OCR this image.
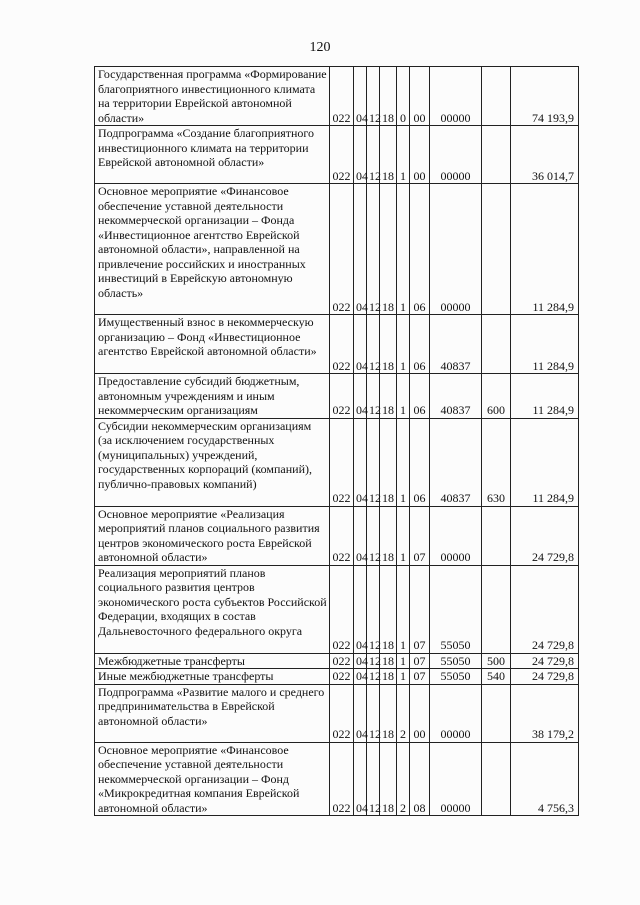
120
Государственная программа «Формирование благоприятного инвестиционного климата на территории Еврейской автономной области»	022	04	12	18	0	00	00000		74 193,9
Подпрограмма «Создание благоприятного инвестиционного климата на территории Еврейской автономной области»	022	04	12	18	1	00	00000		36 014,7
Основное мероприятие «Финансовое обеспечение уставной деятельности некоммерческой организации – Фонда «Инвестиционное агентство Еврейской автономной области», направленной на привлечение российских и иностранных инвестиций в Еврейскую автономную область»	022	04	12	18	1	06	00000		11 284,9
Имущественный взнос в некоммерческую организацию – Фонд «Инвестиционное агентство Еврейской автономной области»	022	04	12	18	1	06	40837		11 284,9
Предоставление субсидий бюджетным, автономным учреждениям и иным некоммерческим организациям	022	04	12	18	1	06	40837	600	11 284,9
Субсидии некоммерческим организациям (за исключением государственных (муниципальных) учреждений, государственных корпораций (компаний), публично-правовых компаний)	022	04	12	18	1	06	40837	630	11 284,9
Основное мероприятие «Реализация мероприятий планов социального развития центров экономического роста Еврейской автономной области»	022	04	12	18	1	07	00000		24 729,8
Реализация мероприятий планов социального развития центров экономического роста субъектов Российской Федерации, входящих в состав Дальневосточного федерального округа	022	04	12	18	1	07	55050		24 729,8
Межбюджетные трансферты	022	04	12	18	1	07	55050	500	24 729,8
Иные межбюджетные трансферты	022	04	12	18	1	07	55050	540	24 729,8
Подпрограмма «Развитие малого и среднего предпринимательства в Еврейской автономной области»	022	04	12	18	2	00	00000		38 179,2
Основное мероприятие «Финансовое обеспечение уставной деятельности некоммерческой организации – Фонд «Микрокредитная компания Еврейской автономной области»	022	04	12	18	2	08	00000		4 756,3
